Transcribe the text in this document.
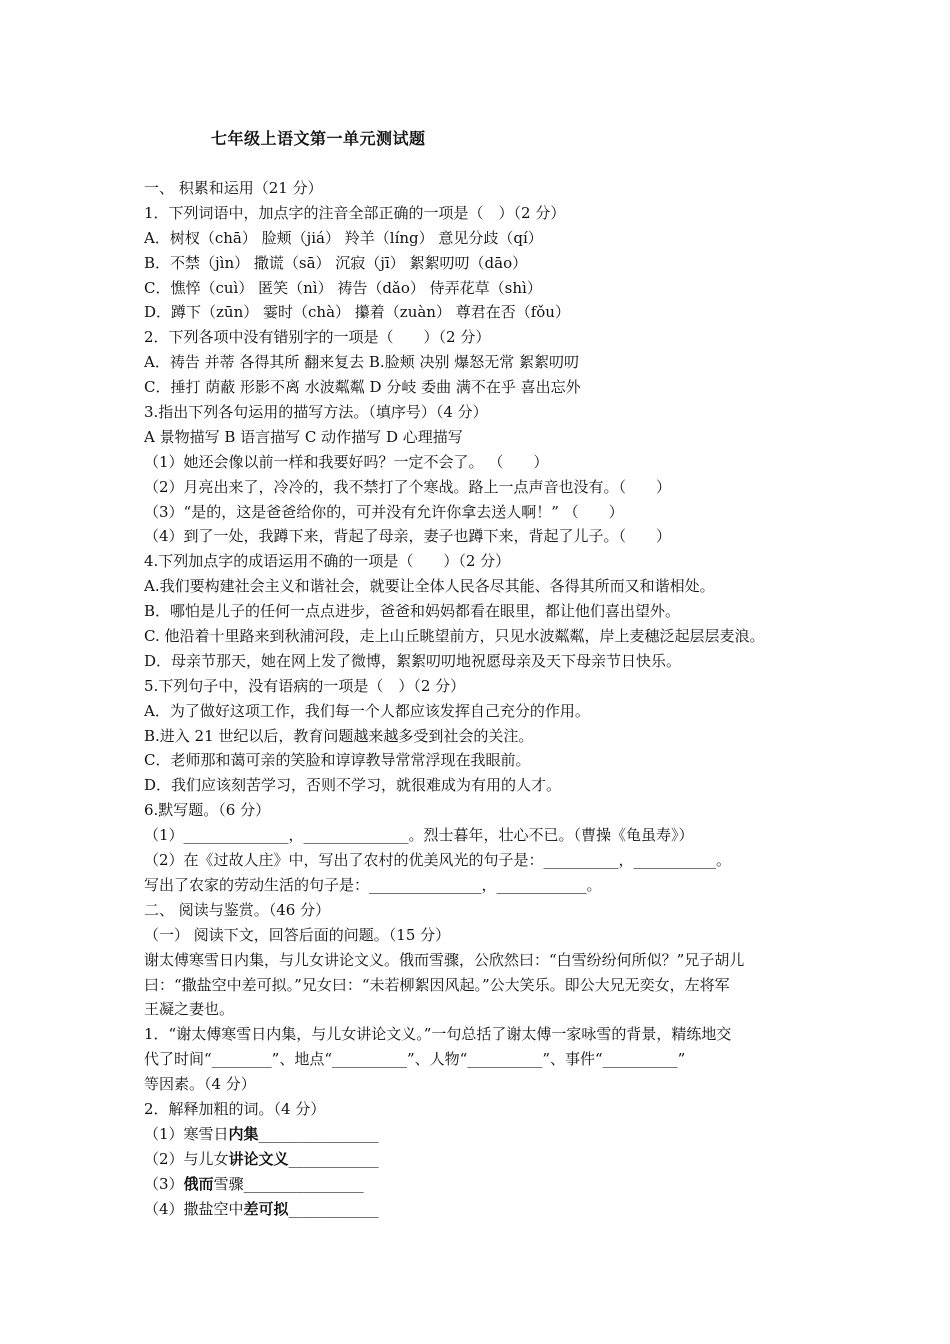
七年级上语文第一单元测试题
一、 积累和运用（21 分）
1．下列词语中，加点字的注音全部正确的一项是（　）（2 分）
A．树杈（chā） 脸颊（jiá） 羚羊（líng） 意见分歧（qí）
B．不禁（jìn） 撒谎（sā） 沉寂（jī） 絮絮叨叨（dāo）
C．憔悴（cuì） 匿笑（nì） 祷告（dǎo） 侍弄花草（shì）
D．蹲下（zūn） 霎时（chà） 攥着（zuàn） 尊君在否（fǒu）
2．下列各项中没有错别字的一项是（　　）（2 分）
A．祷告 并蒂 各得其所 翻来复去 B.脸颊 决别 爆怒无常 絮絮叨叨
C．捶打 荫蔽 形影不离 水波粼粼 D 分岐 委曲 满不在乎 喜出忘外
3.指出下列各句运用的描写方法。（填序号）（4 分）
A 景物描写 B 语言描写 C 动作描写 D 心理描写
（1）她还会像以前一样和我要好吗？一定不会了。 （　　）
（2）月亮出来了，冷冷的，我不禁打了个寒战。路上一点声音也没有。（　　）
（3）“是的，这是爸爸给你的，可并没有允许你拿去送人啊！” （　　）
（4）到了一处，我蹲下来，背起了母亲，妻子也蹲下来，背起了儿子。（　　）
4.下列加点字的成语运用不确的一项是（　　）（2 分）
A.我们要构建社会主义和谐社会，就要让全体人民各尽其能、各得其所而又和谐相处。
B．哪怕是儿子的任何一点点进步，爸爸和妈妈都看在眼里，都让他们喜出望外。
C. 他沿着十里路来到秋浦河段，走上山丘眺望前方，只见水波粼粼，岸上麦穗泛起层层麦浪。
D．母亲节那天，她在网上发了微博，絮絮叨叨地祝愿母亲及天下母亲节日快乐。
5.下列句子中，没有语病的一项是（　）（2 分）
A．为了做好这项工作，我们每一个人都应该发挥自己充分的作用。
B.进入 21 世纪以后，教育问题越来越多受到社会的关注。
C．老师那和蔼可亲的笑脸和谆谆教导常常浮现在我眼前。
D．我们应该刻苦学习，否则不学习，就很难成为有用的人才。
6.默写题。（6 分）
（1）______________，______________。烈士暮年，壮心不已。（曹操《龟虽寿》）
（2）在《过故人庄》中，写出了农村的优美风光的句子是：__________，___________。
写出了农家的劳动生活的句子是：_______________，____________。
二、 阅读与鉴赏。（46 分）
（一） 阅读下文，回答后面的问题。（15 分）
谢太傅寒雪日内集，与儿女讲论文义。俄而雪骤，公欣然曰：“白雪纷纷何所似？”兄子胡儿
曰：“撒盐空中差可拟。”兄女曰：“未若柳絮因风起。”公大笑乐。即公大兄无奕女，左将军
王凝之妻也。
1．“谢太傅寒雪日内集，与儿女讲论文义。”一句总括了谢太傅一家咏雪的背景，精练地交
代了时间“________”、地点“__________”、人物“__________”、事件“__________”
等因素。（4 分）
2．解释加粗的词。（4 分）
（1）寒雪日内集________________
（2）与儿女讲论文义____________
（3）俄而雪骤________________
（4）撒盐空中差可拟____________
